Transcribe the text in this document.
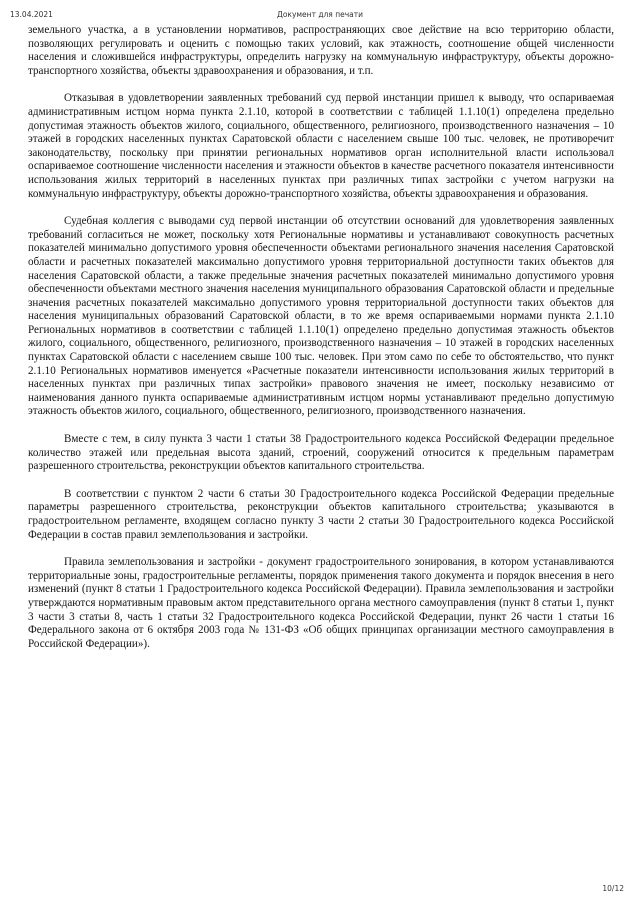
13.04.2021	Документ для печати

земельного участка, а в установлении нормативов, распространяющих свое действие на всю территорию области, позволяющих регулировать и оценить с помощью таких условий, как этажность, соотношение общей численности населения и сложившейся инфраструктуры, определить нагрузку на коммунальную инфраструктуру, объекты дорожно-транспортного хозяйства, объекты здравоохранения и образования, и т.п.

Отказывая в удовлетворении заявленных требований суд первой инстанции пришел к выводу, что оспариваемая административным истцом норма пункта 2.1.10, которой в соответствии с таблицей 1.1.10(1) определена предельно допустимая этажность объектов жилого, социального, общественного, религиозного, производственного назначения – 10 этажей в городских населенных пунктах Саратовской области с населением свыше 100 тыс. человек, не противоречит законодательству, поскольку при принятии региональных нормативов орган исполнительной власти использовал оспариваемое соотношение численности населения и этажности объектов в качестве расчетного показателя интенсивности использования жилых территорий в населенных пунктах при различных типах застройки с учетом нагрузки на коммунальную инфраструктуру, объекты дорожно-транспортного хозяйства, объекты здравоохранения и образования.

Судебная коллегия с выводами суд первой инстанции об отсутствии оснований для удовлетворения заявленных требований согласиться не может, поскольку хотя Региональные нормативы и устанавливают совокупность расчетных показателей минимально допустимого уровня обеспеченности объектами регионального значения населения Саратовской области и расчетных показателей максимально допустимого уровня территориальной доступности таких объектов для населения Саратовской области, а также предельные значения расчетных показателей минимально допустимого уровня обеспеченности объектами местного значения населения муниципального образования Саратовской области и предельные значения расчетных показателей максимально допустимого уровня территориальной доступности таких объектов для населения муниципальных образований Саратовской области, в то же время оспариваемыми нормами пункта 2.1.10 Региональных нормативов в соответствии с таблицей 1.1.10(1) определено предельно допустимая этажность объектов жилого, социального, общественного, религиозного, производственного назначения – 10 этажей в городских населенных пунктах Саратовской области с населением свыше 100 тыс. человек. При этом само по себе то обстоятельство, что пункт 2.1.10 Региональных нормативов именуется «Расчетные показатели интенсивности использования жилых территорий в населенных пунктах при различных типах застройки» правового значения не имеет, поскольку независимо от наименования данного пункта оспариваемые административным истцом нормы устанавливают предельно допустимую этажность объектов жилого, социального, общественного, религиозного, производственного назначения.

Вместе с тем, в силу пункта 3 части 1 статьи 38 Градостроительного кодекса Российской Федерации предельное количество этажей или предельная высота зданий, строений, сооружений относится к предельным параметрам разрешенного строительства, реконструкции объектов капитального строительства.

В соответствии с пунктом 2 части 6 статьи 30 Градостроительного кодекса Российской Федерации предельные параметры разрешенного строительства, реконструкции объектов капитального строительства; указываются в градостроительном регламенте, входящем согласно пункту 3 части 2 статьи 30 Градостроительного кодекса Российской Федерации в состав правил землепользования и застройки.

Правила землепользования и застройки - документ градостроительного зонирования, в котором устанавливаются территориальные зоны, градостроительные регламенты, порядок применения такого документа и порядок внесения в него изменений (пункт 8 статьи 1 Градостроительного кодекса Российской Федерации). Правила землепользования и застройки утверждаются нормативным правовым актом представительного органа местного самоуправления (пункт 8 статьи 1, пункт 3 части 3 статьи 8, часть 1 статьи 32 Градостроительного кодекса Российской Федерации, пункт 26 части 1 статьи 16 Федерального закона от 6 октября 2003 года № 131-ФЗ «Об общих принципах организации местного самоуправления в Российской Федерации»).

10/12
